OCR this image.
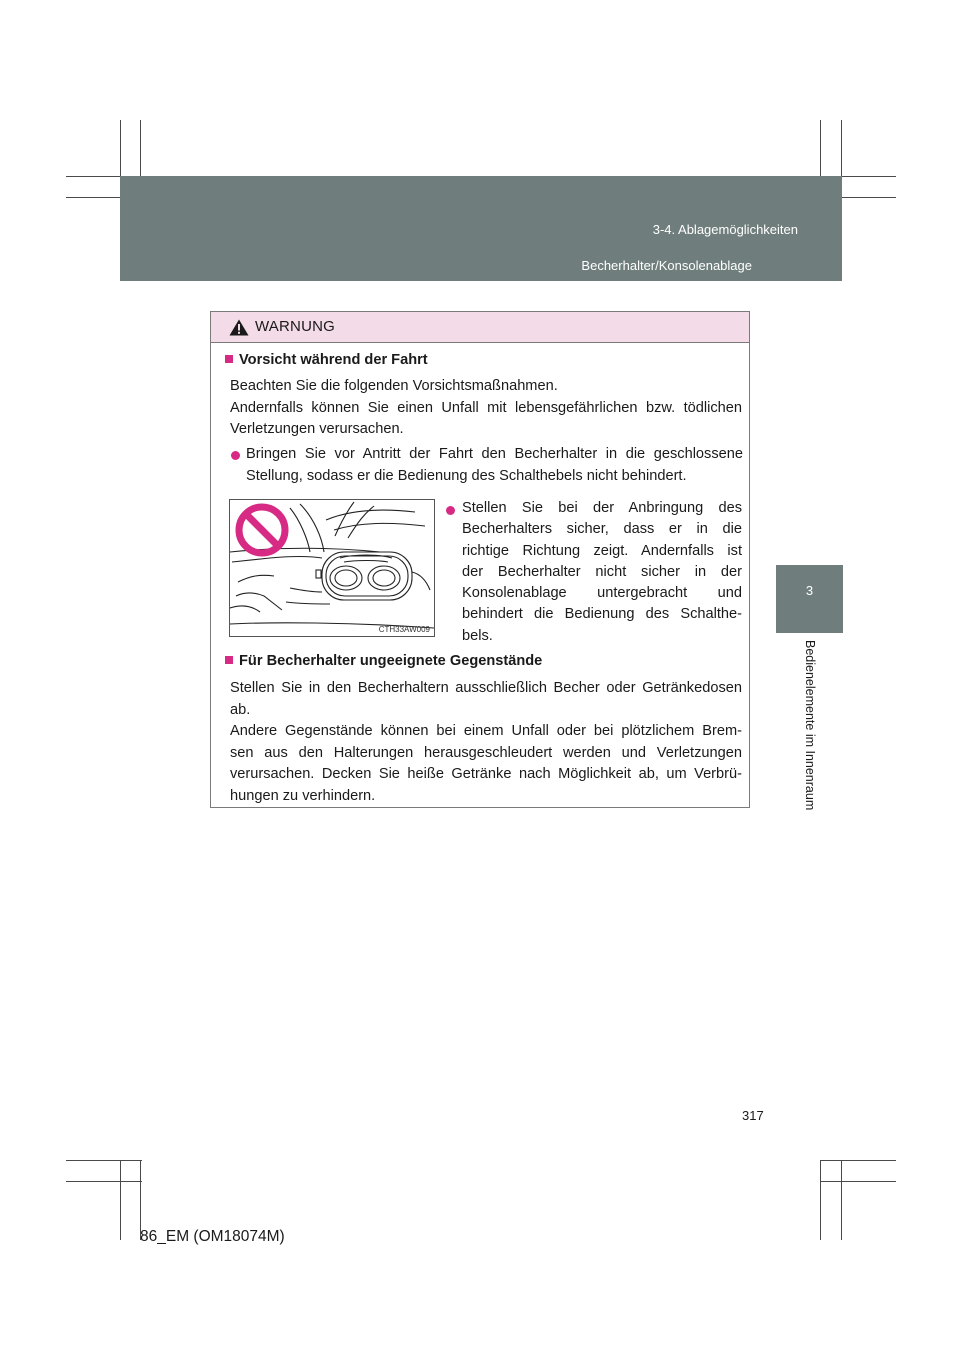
3-4. Ablagemöglichkeiten
Becherhalter/Konsolenablage
3
Bedienelemente im Innenraum
WARNUNG
Vorsicht während der Fahrt
Beachten Sie die folgenden Vorsichtsmaßnahmen.
Andernfalls können Sie einen Unfall mit lebensgefährlichen bzw. tödlichen
Verletzungen verursachen.
Bringen Sie vor Antritt der Fahrt den Becherhalter in die geschlossene
Stellung, sodass er die Bedienung des Schalthebels nicht behindert.
Stellen Sie bei der Anbringung des
Becherhalters sicher, dass er in die
richtige Richtung zeigt. Andernfalls ist
der Becherhalter nicht sicher in der
Konsolenablage untergebracht und
behindert die Bedienung des Schalthe-
bels.
Für Becherhalter ungeeignete Gegenstände
Stellen Sie in den Becherhaltern ausschließlich Becher oder Getränkedosen
ab.
Andere Gegenstände können bei einem Unfall oder bei plötzlichem Brem-
sen aus den Halterungen herausgeschleudert werden und Verletzungen
verursachen. Decken Sie heiße Getränke nach Möglichkeit ab, um Verbrü-
hungen zu verhindern.
CTH33AW009
317
86_EM (OM18074M)
